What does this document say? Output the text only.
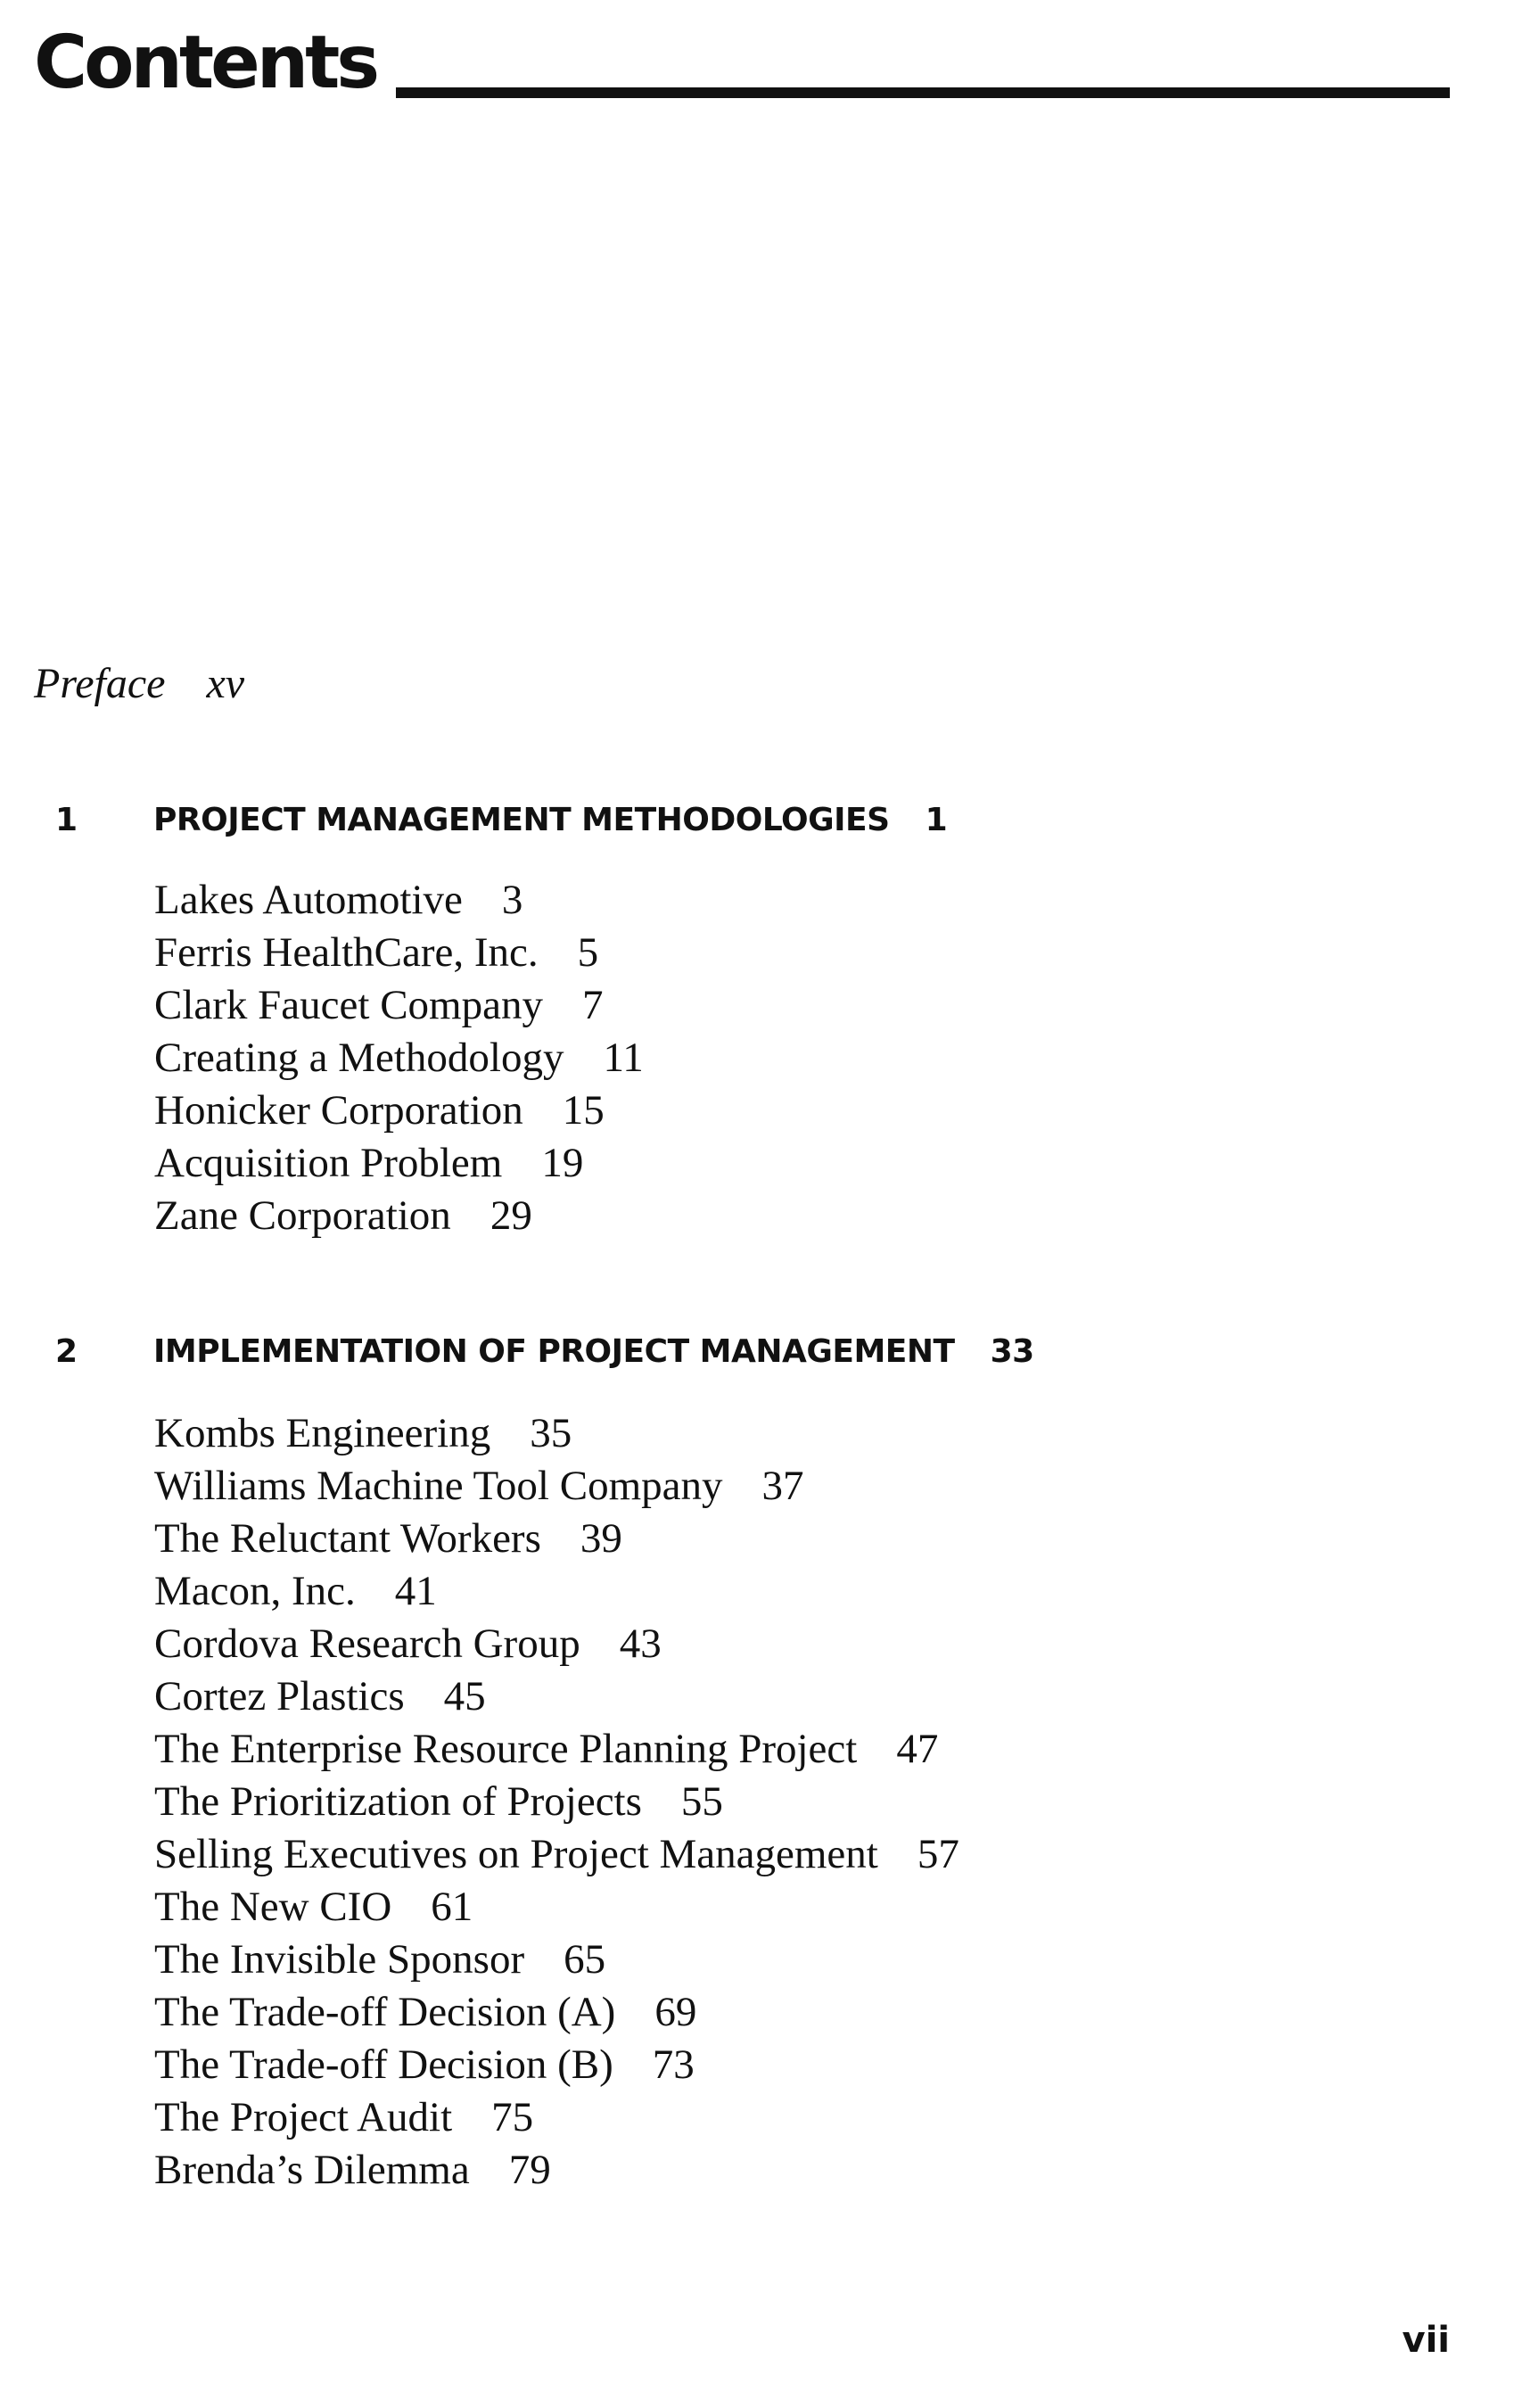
Contents
Preface xv
1 PROJECT MANAGEMENT METHODOLOGIES 1
Lakes Automotive 3
Ferris HealthCare, Inc. 5
Clark Faucet Company 7
Creating a Methodology 11
Honicker Corporation 15
Acquisition Problem 19
Zane Corporation 29
2 IMPLEMENTATION OF PROJECT MANAGEMENT 33
Kombs Engineering 35
Williams Machine Tool Company 37
The Reluctant Workers 39
Macon, Inc. 41
Cordova Research Group 43
Cortez Plastics 45
The Enterprise Resource Planning Project 47
The Prioritization of Projects 55
Selling Executives on Project Management 57
The New CIO 61
The Invisible Sponsor 65
The Trade-off Decision (A) 69
The Trade-off Decision (B) 73
The Project Audit 75
Brenda’s Dilemma 79
vii
